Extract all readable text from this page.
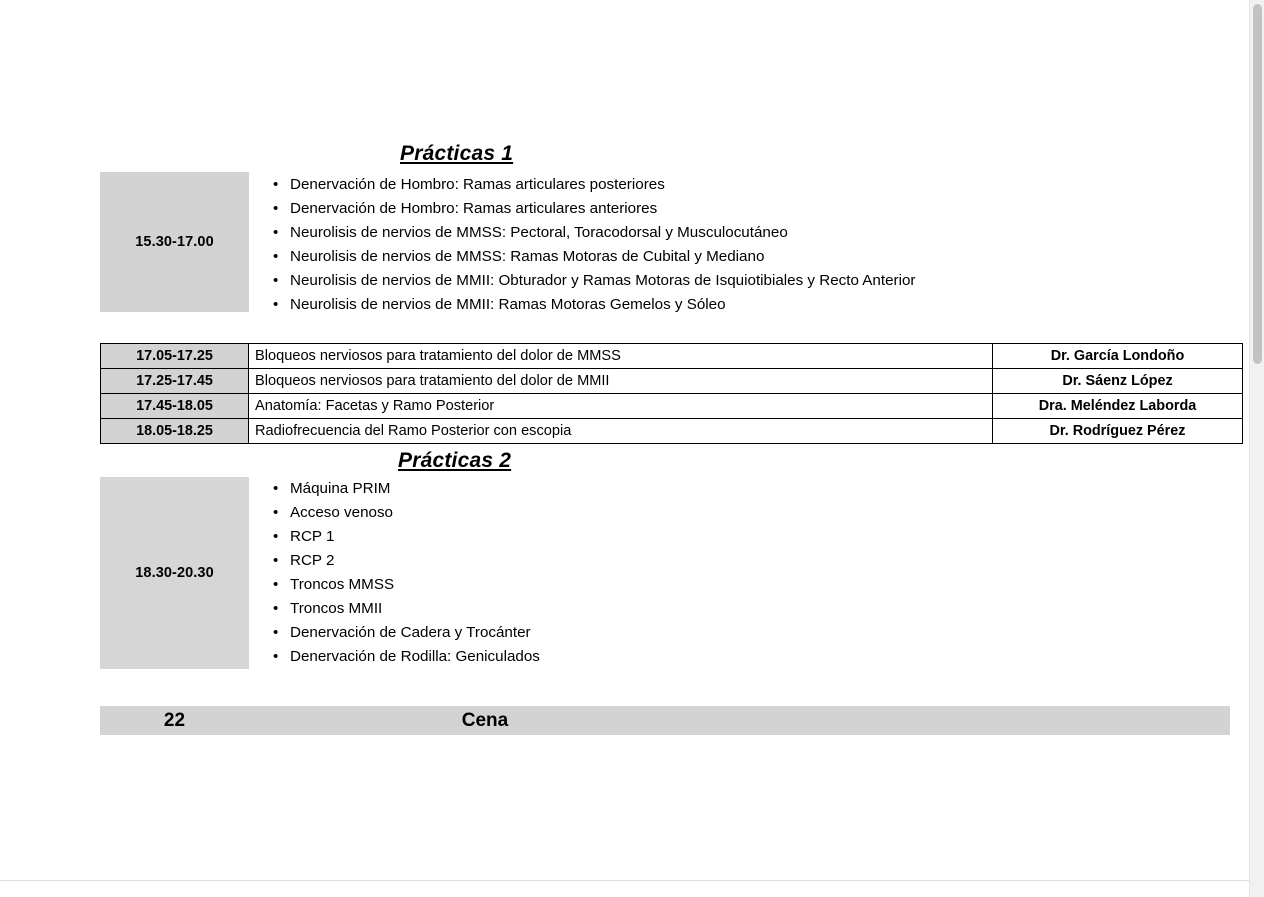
Prácticas 1
15.30-17.00
• Denervación de Hombro: Ramas articulares posteriores
• Denervación de Hombro: Ramas articulares anteriores
• Neurolisis de nervios de MMSS: Pectoral, Toracodorsal y Musculocutáneo
• Neurolisis de nervios de MMSS: Ramas Motoras de Cubital y Mediano
• Neurolisis de nervios de MMII: Obturador y Ramas Motoras de Isquiotibiales y Recto Anterior
• Neurolisis de nervios de MMII: Ramas Motoras Gemelos y Sóleo
17.05-17.25	Bloqueos nerviosos para tratamiento del dolor de MMSS	Dr. García Londoño
17.25-17.45	Bloqueos nerviosos para tratamiento del dolor de MMII	Dr. Sáenz López
17.45-18.05	Anatomía: Facetas y Ramo Posterior	Dra. Meléndez Laborda
18.05-18.25	Radiofrecuencia del Ramo Posterior con escopia	Dr. Rodríguez Pérez
Prácticas 2
18.30-20.30
• Máquina PRIM
• Acceso venoso
• RCP 1
• RCP 2
• Troncos MMSS
• Troncos MMII
• Denervación de Cadera y Trocánter
• Denervación de Rodilla: Geniculados
22	Cena
